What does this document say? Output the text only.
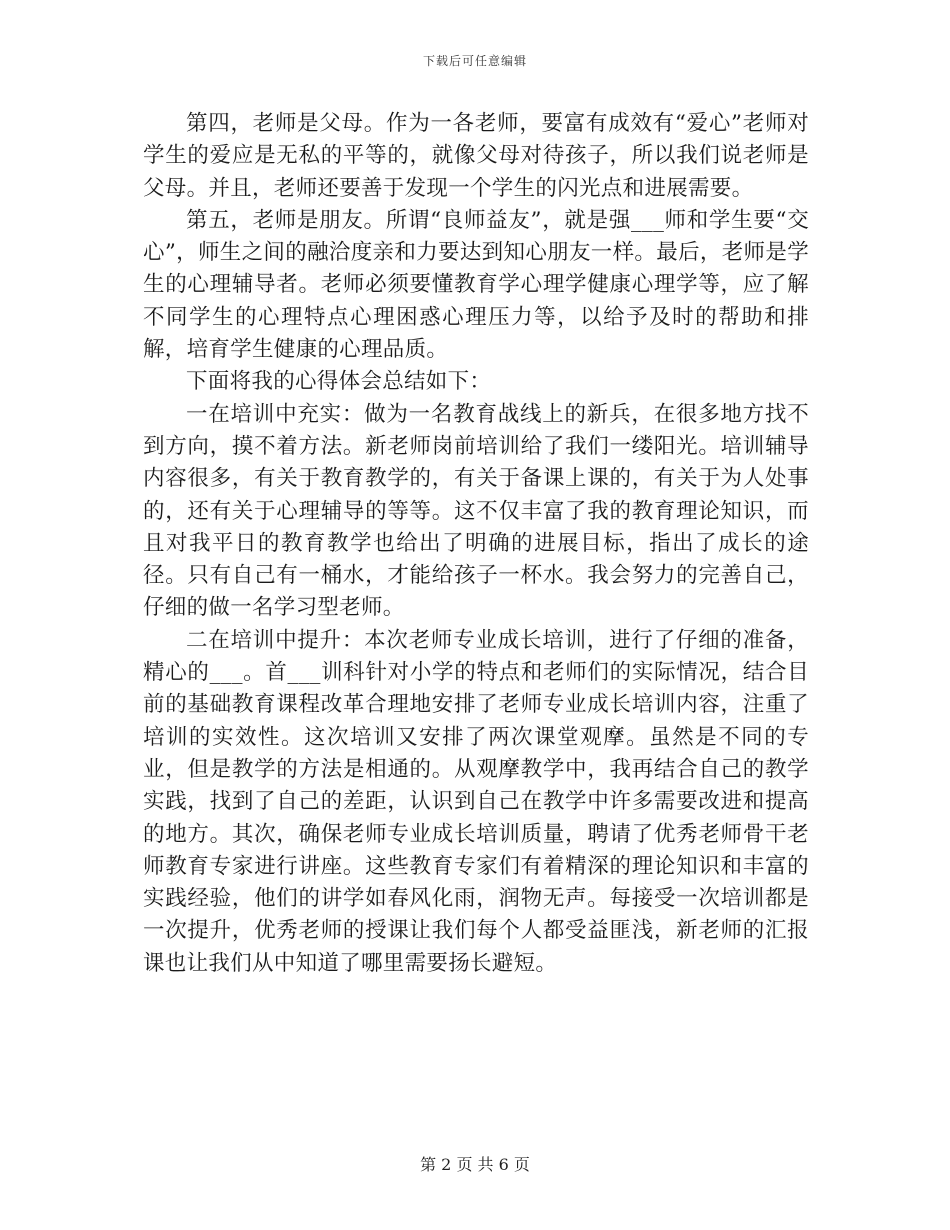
下载后可任意编辑

第四，老师是父母。作为一各老师，要富有成效有“爱心”老师对学生的爱应是无私的平等的，就像父母对待孩子，所以我们说老师是父母。并且，老师还要善于发现一个学生的闪光点和进展需要。

第五，老师是朋友。所谓“良师益友”，就是强___师和学生要“交心”，师生之间的融洽度亲和力要达到知心朋友一样。最后，老师是学生的心理辅导者。老师必须要懂教育学心理学健康心理学等，应了解不同学生的心理特点心理困惑心理压力等，以给予及时的帮助和排解，培育学生健康的心理品质。

下面将我的心得体会总结如下：

一在培训中充实：做为一名教育战线上的新兵，在很多地方找不到方向，摸不着方法。新老师岗前培训给了我们一缕阳光。培训辅导内容很多，有关于教育教学的，有关于备课上课的，有关于为人处事的，还有关于心理辅导的等等。这不仅丰富了我的教育理论知识，而且对我平日的教育教学也给出了明确的进展目标，指出了成长的途径。只有自己有一桶水，才能给孩子一杯水。我会努力的完善自己，仔细的做一名学习型老师。

二在培训中提升：本次老师专业成长培训，进行了仔细的准备，精心的___。首___训科针对小学的特点和老师们的实际情况，结合目前的基础教育课程改革合理地安排了老师专业成长培训内容，注重了培训的实效性。这次培训又安排了两次课堂观摩。虽然是不同的专业，但是教学的方法是相通的。从观摩教学中，我再结合自己的教学实践，找到了自己的差距，认识到自己在教学中许多需要改进和提高的地方。其次，确保老师专业成长培训质量，聘请了优秀老师骨干老师教育专家进行讲座。这些教育专家们有着精深的理论知识和丰富的实践经验，他们的讲学如春风化雨，润物无声。每接受一次培训都是一次提升，优秀老师的授课让我们每个人都受益匪浅，新老师的汇报课也让我们从中知道了哪里需要扬长避短。

第 2 页 共 6 页
